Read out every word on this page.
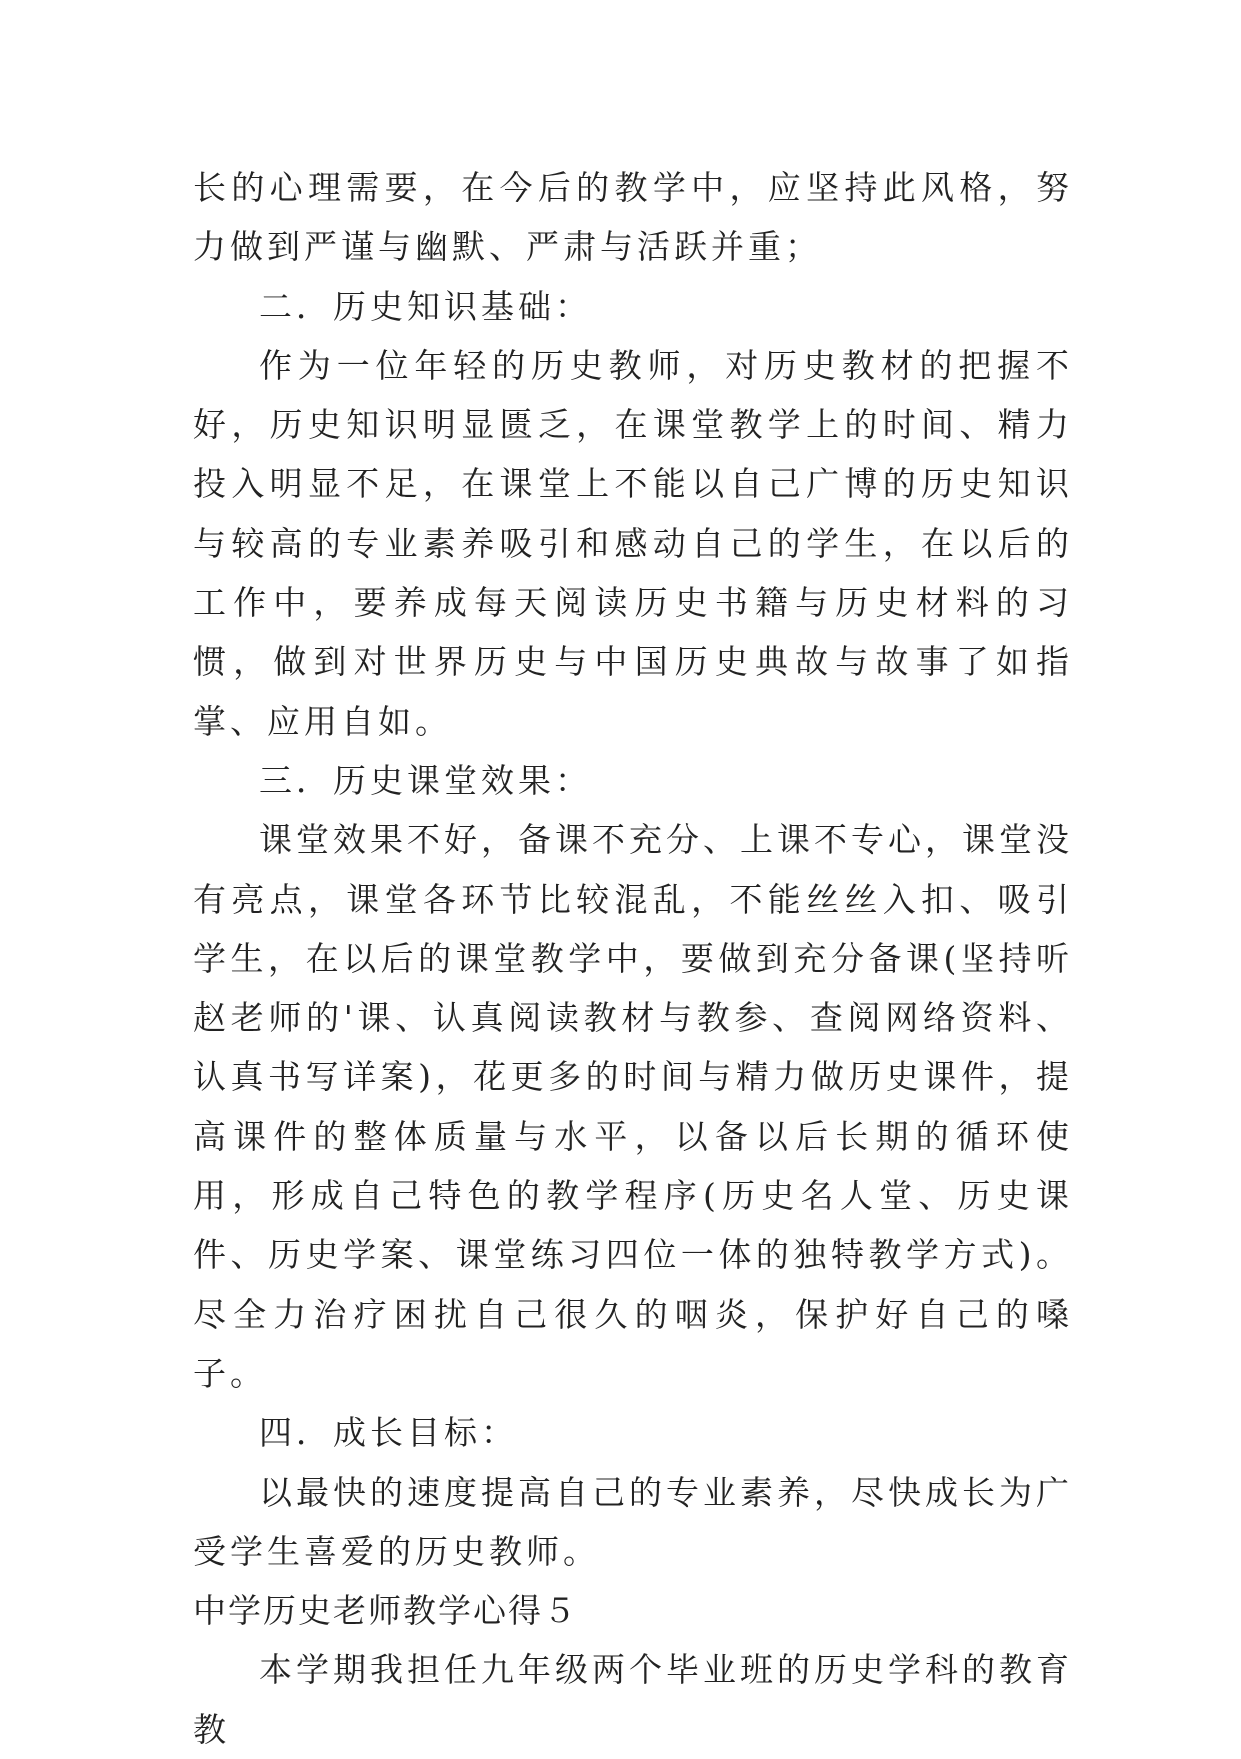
长的心理需要，在今后的教学中，应坚持此风格，努力做到严谨与幽默、严肃与活跃并重；

二．历史知识基础：

作为一位年轻的历史教师，对历史教材的把握不好，历史知识明显匮乏，在课堂教学上的时间、精力投入明显不足，在课堂上不能以自己广博的历史知识与较高的专业素养吸引和感动自己的学生，在以后的工作中，要养成每天阅读历史书籍与历史材料的习惯，做到对世界历史与中国历史典故与故事了如指掌、应用自如。

三．历史课堂效果：

课堂效果不好，备课不充分、上课不专心，课堂没有亮点，课堂各环节比较混乱，不能丝丝入扣、吸引学生，在以后的课堂教学中，要做到充分备课(坚持听赵老师的'课、认真阅读教材与教参、查阅网络资料、认真书写详案)，花更多的时间与精力做历史课件，提高课件的整体质量与水平，以备以后长期的循环使用，形成自己特色的教学程序(历史名人堂、历史课件、历史学案、课堂练习四位一体的独特教学方式)。尽全力治疗困扰自己很久的咽炎，保护好自己的嗓子。

四．成长目标：

以最快的速度提高自己的专业素养，尽快成长为广受学生喜爱的历史教师。

中学历史老师教学心得５

本学期我担任九年级两个毕业班的历史学科的教育教
